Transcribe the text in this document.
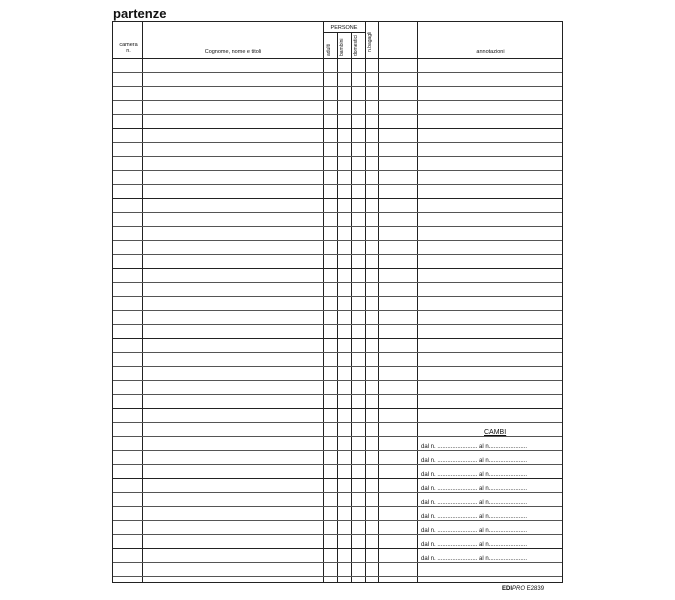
partenze
camera
n.	Cognome, nome e titoli
PERSONE
adulti bambini domestici n.bagagli	annotazioni
CAMBI
dal n. ........................ al n.......................
dal n. ........................ al n.......................
dal n. ........................ al n.......................
dal n. ........................ al n.......................
dal n. ........................ al n.......................
dal n. ........................ al n.......................
dal n. ........................ al n.......................
dal n. ........................ al n.......................
dal n. ........................ al n.......................
EDIPRO E2839
